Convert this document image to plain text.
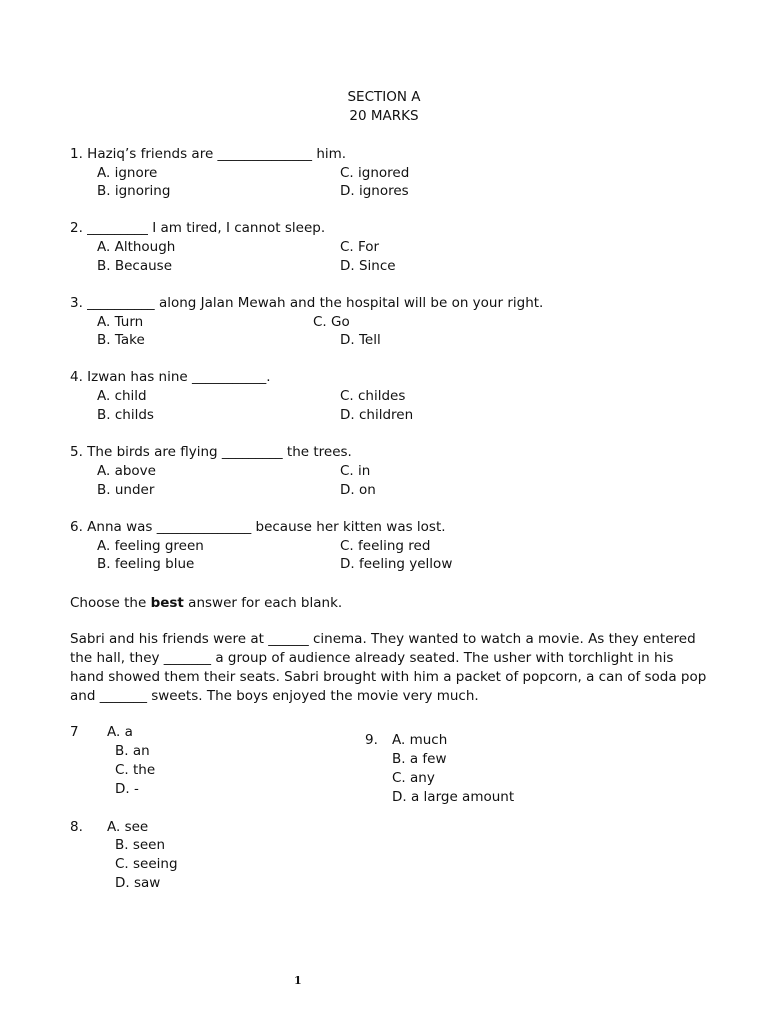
SECTION A
20 MARKS
1. Haziq’s friends are ______________ him.
A. ignore
B. ignoring
C. ignored
D. ignores
2. _________ I am tired, I cannot sleep.
A. Although
B. Because
C. For
D. Since
3. __________ along Jalan Mewah and the hospital will be on your right.
A. Turn
B. Take
C. Go
D. Tell
4. Izwan has nine ___________.
A. child
B. childs
C. childes
D. children
5. The birds are flying _________ the trees.
A. above
B. under
C. in
D. on
6. Anna was ______________ because her kitten was lost.
A. feeling green
B. feeling blue
C. feeling red
D. feeling yellow
Choose the best answer for each blank.
Sabri and his friends were at ______ cinema. They wanted to watch a movie. As they entered
the hall, they _______ a group of audience already seated. The usher with torchlight in his
hand showed them their seats. Sabri brought with him a packet of popcorn, a can of soda pop
and _______ sweets. The boys enjoyed the movie very much.
7 A. a
B. an
C. the
D. -
8. A. see
B. seen
C. seeing
D. saw
9. A. much
B. a few
C. any
D. a large amount
1
